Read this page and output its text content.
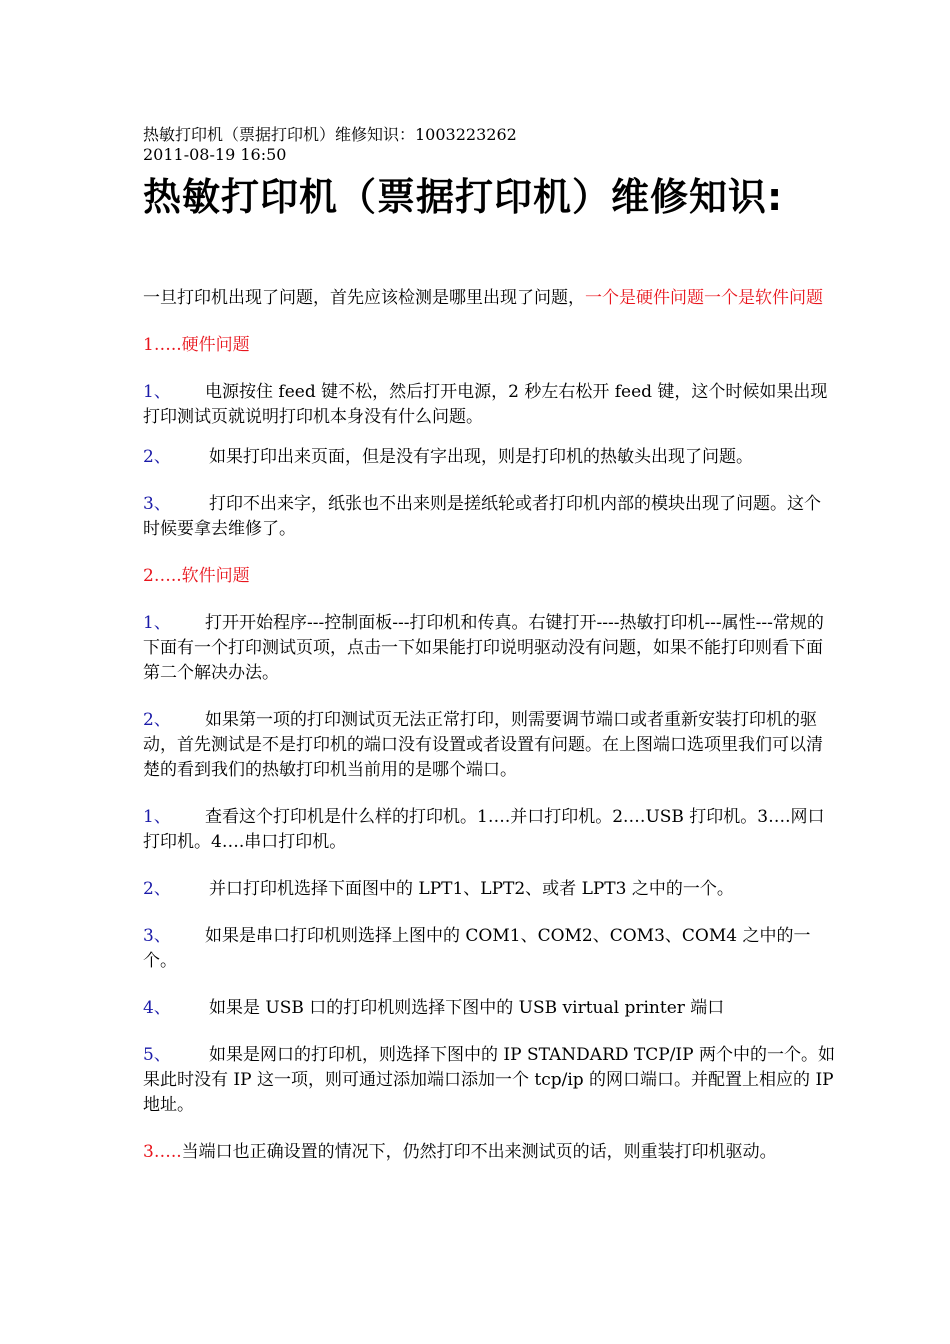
热敏打印机（票据打印机）维修知识：1003223262

2011-08-19 16:50

热敏打印机（票据打印机）维修知识:

一旦打印机出现了问题，首先应该检测是哪里出现了问题，一个是硬件问题一个是软件问题

1…..硬件问题

1、 电源按住 feed 键不松，然后打开电源，2 秒左右松开 feed 键，这个时候如果出现打印测试页就说明打印机本身没有什么问题。

2、 如果打印出来页面，但是没有字出现，则是打印机的热敏头出现了问题。

3、 打印不出来字，纸张也不出来则是搓纸轮或者打印机内部的模块出现了问题。这个时候要拿去维修了。

2…..软件问题

1、 打开开始程序---控制面板---打印机和传真。右键打开----热敏打印机---属性---常规的下面有一个打印测试页项，点击一下如果能打印说明驱动没有问题，如果不能打印则看下面第二个解决办法。

2、 如果第一项的打印测试页无法正常打印，则需要调节端口或者重新安装打印机的驱动，首先测试是不是打印机的端口没有设置或者设置有问题。在上图端口选项里我们可以清楚的看到我们的热敏打印机当前用的是哪个端口。

1、 查看这个打印机是什么样的打印机。1….并口打印机。2.…USB 打印机。3….网口打印机。4….串口打印机。

2、 并口打印机选择下面图中的 LPT1、LPT2、或者 LPT3 之中的一个。

3、 如果是串口打印机则选择上图中的 COM1、COM2、COM3、COM4 之中的一个。

4、 如果是 USB 口的打印机则选择下图中的 USB virtual printer 端口

5、 如果是网口的打印机，则选择下图中的 IP STANDARD TCP/IP 两个中的一个。如果此时没有 IP 这一项，则可通过添加端口添加一个 tcp/ip 的网口端口。并配置上相应的 IP 地址。

3…..当端口也正确设置的情况下，仍然打印不出来测试页的话，则重装打印机驱动。
